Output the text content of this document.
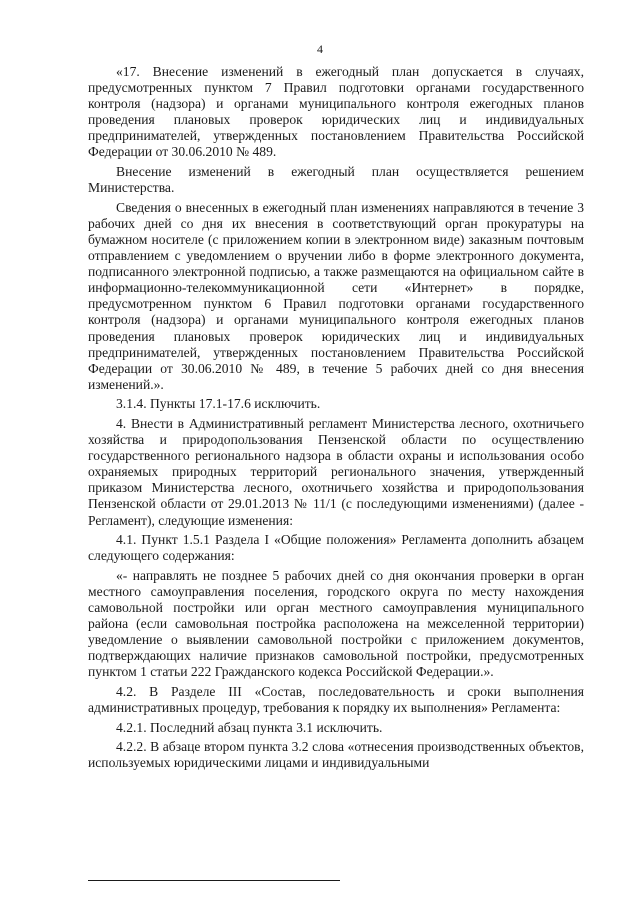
4

«17. Внесение изменений в ежегодный план допускается в случаях, предусмотренных пунктом 7 Правил подготовки органами государственного контроля (надзора) и органами муниципального контроля ежегодных планов проведения плановых проверок юридических лиц и индивидуальных предпринимателей, утвержденных постановлением Правительства Российской Федерации от 30.06.2010 № 489.

Внесение изменений в ежегодный план осуществляется решением Министерства.

Сведения о внесенных в ежегодный план изменениях направляются в течение 3 рабочих дней со дня их внесения в соответствующий орган прокуратуры на бумажном носителе (с приложением копии в электронном виде) заказным почтовым отправлением с уведомлением о вручении либо в форме электронного документа, подписанного электронной подписью, а также размещаются на официальном сайте в информационно-телекоммуникационной сети «Интернет» в порядке, предусмотренном пунктом 6 Правил подготовки органами государственного контроля (надзора) и органами муниципального контроля ежегодных планов проведения плановых проверок юридических лиц и индивидуальных предпринимателей, утвержденных постановлением Правительства Российской Федерации от 30.06.2010 № 489, в течение 5 рабочих дней со дня внесения изменений.».

3.1.4. Пункты 17.1-17.6 исключить.

4. Внести в Административный регламент Министерства лесного, охотничьего хозяйства и природопользования Пензенской области по осуществлению государственного регионального надзора в области охраны и использования особо охраняемых природных территорий регионального значения, утвержденный приказом Министерства лесного, охотничьего хозяйства и природопользования Пензенской области от 29.01.2013 № 11/1 (с последующими изменениями) (далее - Регламент), следующие изменения:

4.1. Пункт 1.5.1 Раздела I «Общие положения» Регламента дополнить абзацем следующего содержания:

«- направлять не позднее 5 рабочих дней со дня окончания проверки в орган местного самоуправления поселения, городского округа по месту нахождения самовольной постройки или орган местного самоуправления муниципального района (если самовольная постройка расположена на межселенной территории) уведомление о выявлении самовольной постройки с приложением документов, подтверждающих наличие признаков самовольной постройки, предусмотренных пунктом 1 статьи 222 Гражданского кодекса Российской Федерации.».

4.2. В Разделе III «Состав, последовательность и сроки выполнения административных процедур, требования к порядку их выполнения» Регламента:

4.2.1. Последний абзац пункта 3.1 исключить.

4.2.2. В абзаце втором пункта 3.2 слова «отнесения производственных объектов, используемых юридическими лицами и индивидуальными
